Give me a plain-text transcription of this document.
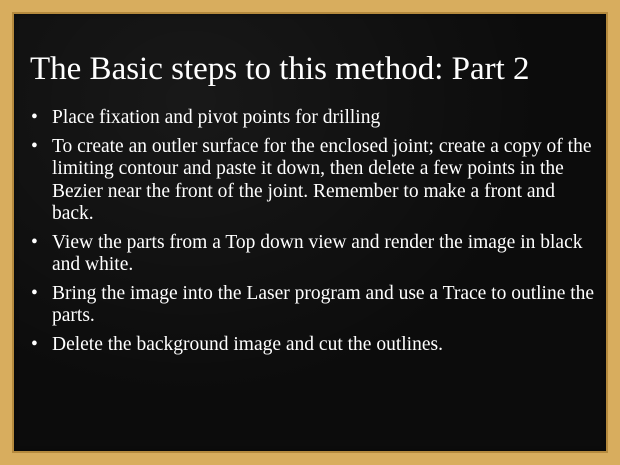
The Basic steps to this method: Part 2
• Place fixation and pivot points for drilling
• To create an outler surface for the enclosed joint; create a copy of the limiting contour and paste it down, then delete a few points in the Bezier near the front of the joint. Remember to make a front and back.
• View the parts from a Top down view and render the image in black and white.
• Bring the image into the Laser program and use a Trace to outline the parts.
• Delete the background image and cut the outlines.
